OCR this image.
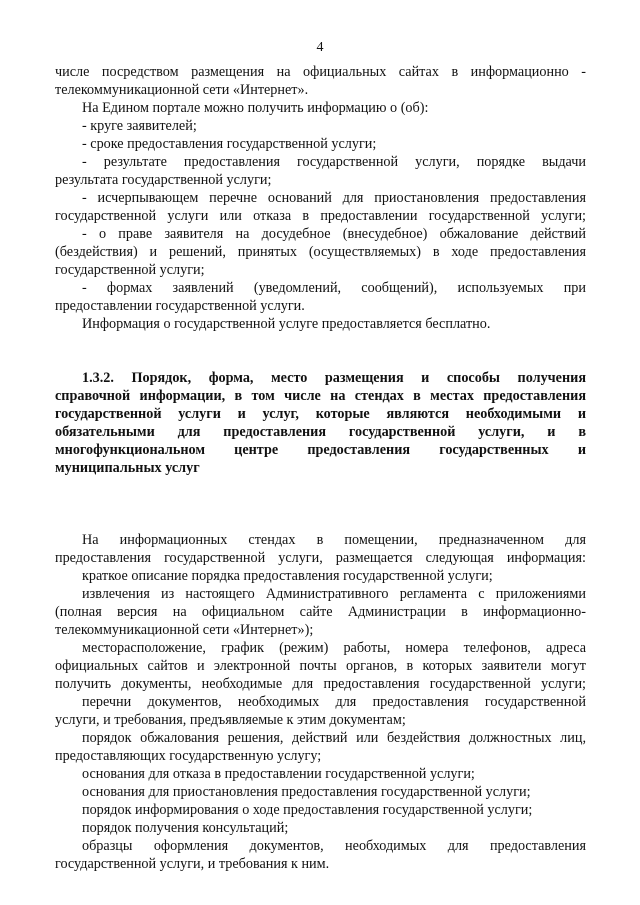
4

числе посредством размещения на официальных сайтах в информационно -

телекоммуникационной сети «Интернет».

На Едином портале можно получить информацию о (об):

- круге заявителей;

- сроке предоставления государственной услуги;

- результате предоставления государственной услуги, порядке выдачи

результата государственной услуги;

- исчерпывающем перечне оснований для приостановления предоставления

государственной услуги или отказа в предоставлении государственной услуги;

- о праве заявителя на досудебное (внесудебное) обжалование действий

(бездействия) и решений, принятых (осуществляемых) в ходе предоставления

государственной услуги;

- формах заявлений (уведомлений, сообщений), используемых при

предоставлении государственной услуги.

Информация о государственной услуге предоставляется бесплатно.

1.3.2. Порядок, форма, место размещения и способы получения

справочной информации, в том числе на стендах в местах предоставления

государственной услуги и услуг, которые являются необходимыми и

обязательными для предоставления государственной услуги, и в

многофункциональном центре предоставления государственных и

муниципальных услуг

На информационных стендах в помещении, предназначенном для

предоставления государственной услуги, размещается следующая информация:

краткое описание порядка предоставления государственной услуги;

извлечения из настоящего Административного регламента с приложениями

(полная версия на официальном сайте Администрации в информационно-

телекоммуникационной сети «Интернет»);

месторасположение, график (режим) работы, номера телефонов, адреса

официальных сайтов и электронной почты органов, в которых заявители могут

получить документы, необходимые для предоставления государственной услуги;

перечни документов, необходимых для предоставления государственной

услуги, и требования, предъявляемые к этим документам;

порядок обжалования решения, действий или бездействия должностных лиц,

предоставляющих государственную услугу;

основания для отказа в предоставлении государственной услуги;

основания для приостановления предоставления государственной услуги;

порядок информирования о ходе предоставления государственной услуги;

порядок получения консультаций;

образцы оформления документов, необходимых для предоставления

государственной услуги, и требования к ним.
